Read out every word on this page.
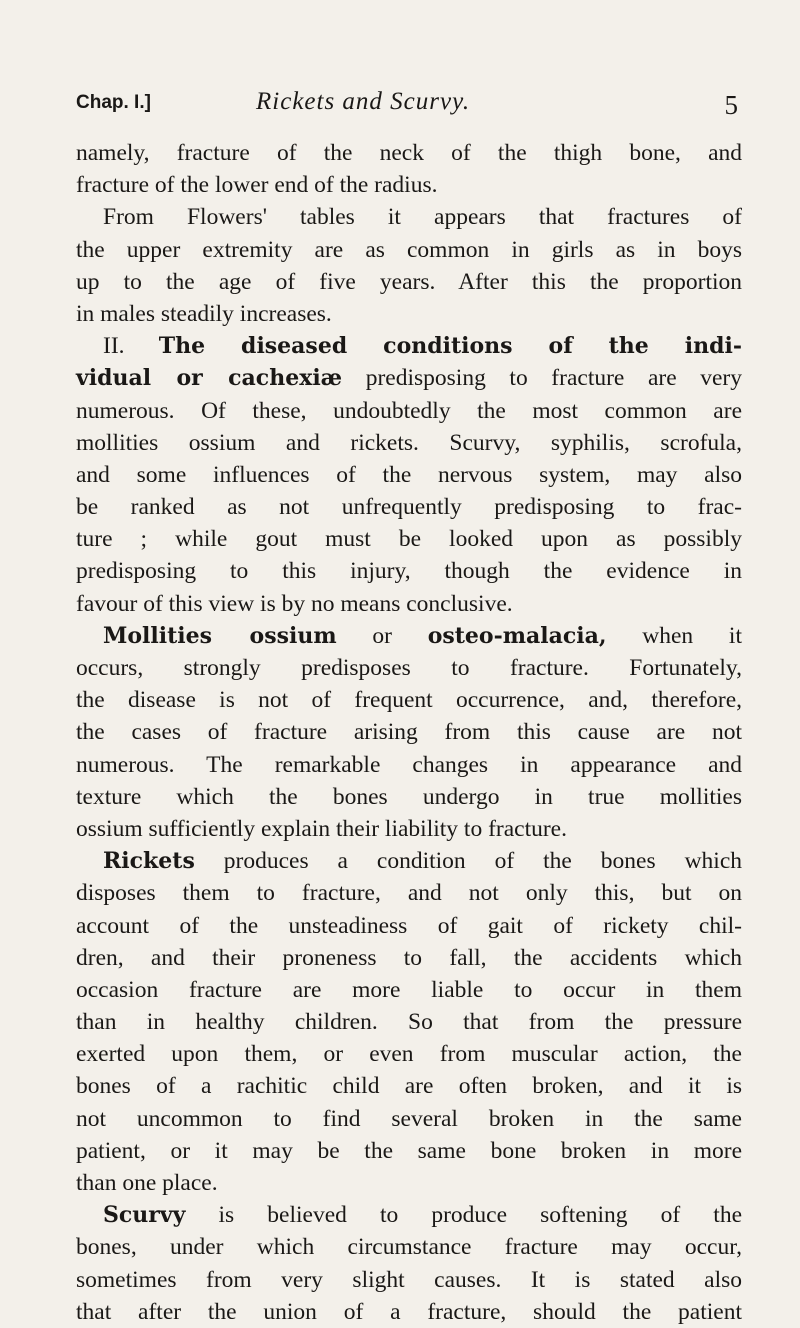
Chap. I.]	Rickets and Scurvy.	5
namely, fracture of the neck of the thigh bone, and
fracture of the lower end of the radius.
From Flowers' tables it appears that fractures of
the upper extremity are as common in girls as in boys
up to the age of five years. After this the proportion
in males steadily increases.
II. The diseased conditions of the indi-
vidual or cachexiæ predisposing to fracture are very
numerous. Of these, undoubtedly the most common are
mollities ossium and rickets. Scurvy, syphilis, scrofula,
and some influences of the nervous system, may also
be ranked as not unfrequently predisposing to frac-
ture ; while gout must be looked upon as possibly
predisposing to this injury, though the evidence in
favour of this view is by no means conclusive.
Mollities ossium or osteo-malacia, when it
occurs, strongly predisposes to fracture. Fortunately,
the disease is not of frequent occurrence, and, therefore,
the cases of fracture arising from this cause are not
numerous. The remarkable changes in appearance and
texture which the bones undergo in true mollities
ossium sufficiently explain their liability to fracture.
Rickets produces a condition of the bones which
disposes them to fracture, and not only this, but on
account of the unsteadiness of gait of rickety chil-
dren, and their proneness to fall, the accidents which
occasion fracture are more liable to occur in them
than in healthy children. So that from the pressure
exerted upon them, or even from muscular action, the
bones of a rachitic child are often broken, and it is
not uncommon to find several broken in the same
patient, or it may be the same bone broken in more
than one place.
Scurvy is believed to produce softening of the
bones, under which circumstance fracture may occur,
sometimes from very slight causes. It is stated also
that after the union of a fracture, should the patient
